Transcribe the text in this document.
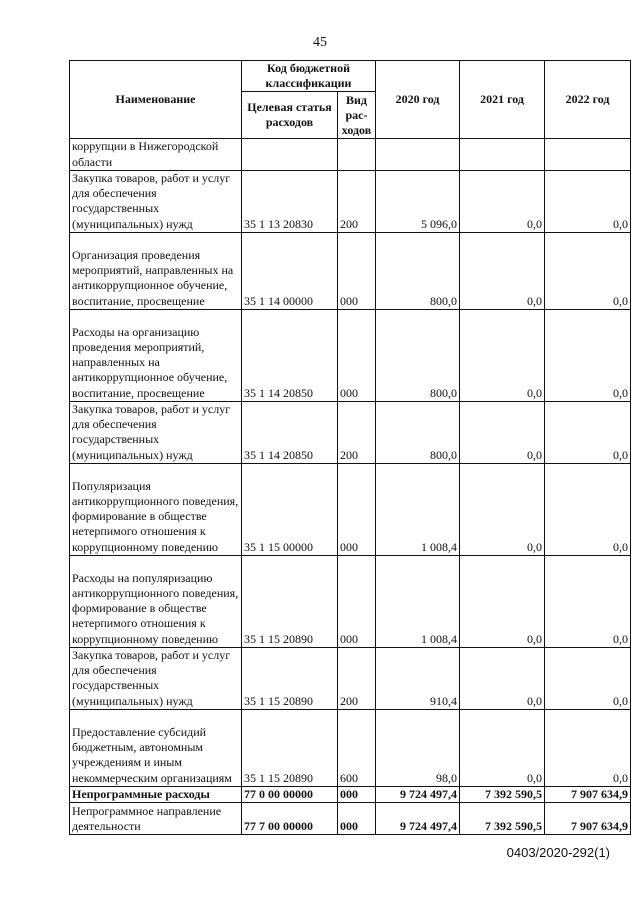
45
Наименование	Код бюджетной классификации		2020 год	2021 год	2022 год
	Целевая статья расходов	Вид рас-ходов			
коррупции в Нижегородской области					
Закупка товаров, работ и услуг для обеспечения государственных (муниципальных) нужд	35 1 13 20830	200	5 096,0	0,0	0,0
Организация проведения мероприятий, направленных на антикоррупционное обучение, воспитание, просвещение	35 1 14 00000	000	800,0	0,0	0,0
Расходы на организацию проведения мероприятий, направленных на антикоррупционное обучение, воспитание, просвещение	35 1 14 20850	000	800,0	0,0	0,0
Закупка товаров, работ и услуг для обеспечения государственных (муниципальных) нужд	35 1 14 20850	200	800,0	0,0	0,0
Популяризация антикоррупционного поведения, формирование в обществе нетерпимого отношения к коррупционному поведению	35 1 15 00000	000	1 008,4	0,0	0,0
Расходы на популяризацию антикоррупционного поведения, формирование в обществе нетерпимого отношения к коррупционному поведению	35 1 15 20890	000	1 008,4	0,0	0,0
Закупка товаров, работ и услуг для обеспечения государственных (муниципальных) нужд	35 1 15 20890	200	910,4	0,0	0,0
Предоставление субсидий бюджетным, автономным учреждениям и иным некоммерческим организациям	35 1 15 20890	600	98,0	0,0	0,0
Непрограммные расходы	77 0 00 00000	000	9 724 497,4	7 392 590,5	7 907 634,9
Непрограммное направление деятельности	77 7 00 00000	000	9 724 497,4	7 392 590,5	7 907 634,9
0403/2020-292(1)
